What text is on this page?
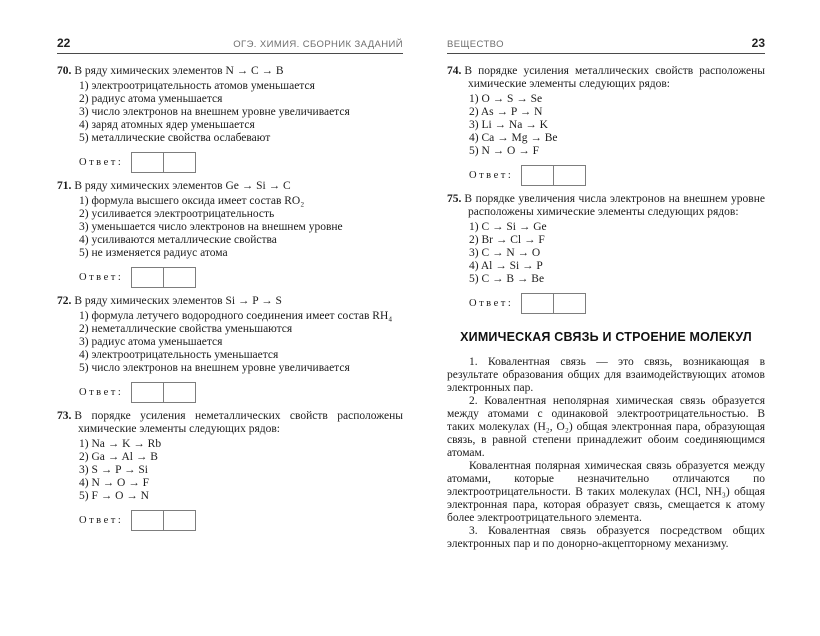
22	ОГЭ. ХИМИЯ. СБОРНИК ЗАДАНИЙ

70. В ряду химических элементов N → C → B

1) электроотрицательность атомов уменьшается
2) радиус атома уменьшается
3) число электронов на внешнем уровне увеличивается
4) заряд атомных ядер уменьшается
5) металлические свойства ослабевают
Ответ:

71. В ряду химических элементов Ge → Si → C

1) формула высшего оксида имеет состав RO₂
2) усиливается электроотрицательность
3) уменьшается число электронов на внешнем уровне
4) усиливаются металлические свойства
5) не изменяется радиус атома
Ответ:

72. В ряду химических элементов Si → P → S

1) формула летучего водородного соединения имеет состав RH₄
2) неметаллические свойства уменьшаются
3) радиус атома уменьшается
4) электроотрицательность уменьшается
5) число электронов на внешнем уровне увеличивается
Ответ:

73. В порядке усиления неметаллических свойств расположены химические элементы следующих рядов:

1) Na → K → Rb
2) Ga → Al → B
3) S → P → Si
4) N → O → F
5) F → O → N
Ответ:
ВЕЩЕСТВО	23

74. В порядке усиления металлических свойств расположены химические элементы следующих рядов:

1) O → S → Se
2) As → P → N
3) Li → Na → K
4) Ca → Mg → Be
5) N → O → F
Ответ:

75. В порядке увеличения числа электронов на внешнем уровне расположены химические элементы следующих рядов:

1) C → Si → Ge
2) Br → Cl → F
3) C → N → O
4) Al → Si → P
5) C → B → Be
Ответ:
ХИМИЧЕСКАЯ СВЯЗЬ И СТРОЕНИЕ МОЛЕКУЛ

1. Ковалентная связь — это связь, возникающая в результате образования общих для взаимодействующих атомов электронных пар.

2. Ковалентная неполярная химическая связь образуется между атомами с одинаковой электроотрицательностью. В таких молекулах (H₂, O₂) общая электронная пара, образующая связь, в равной степени принадлежит обоим соединяющимся атомам.

Ковалентная полярная химическая связь образуется между атомами, которые незначительно отличаются по электроотрицательности. В таких молекулах (HCl, NH₃) общая электронная пара, которая образует связь, смещается к атому более электроотрицательного элемента.

3. Ковалентная связь образуется посредством общих электронных пар и по донорно-акцепторному механизму.
